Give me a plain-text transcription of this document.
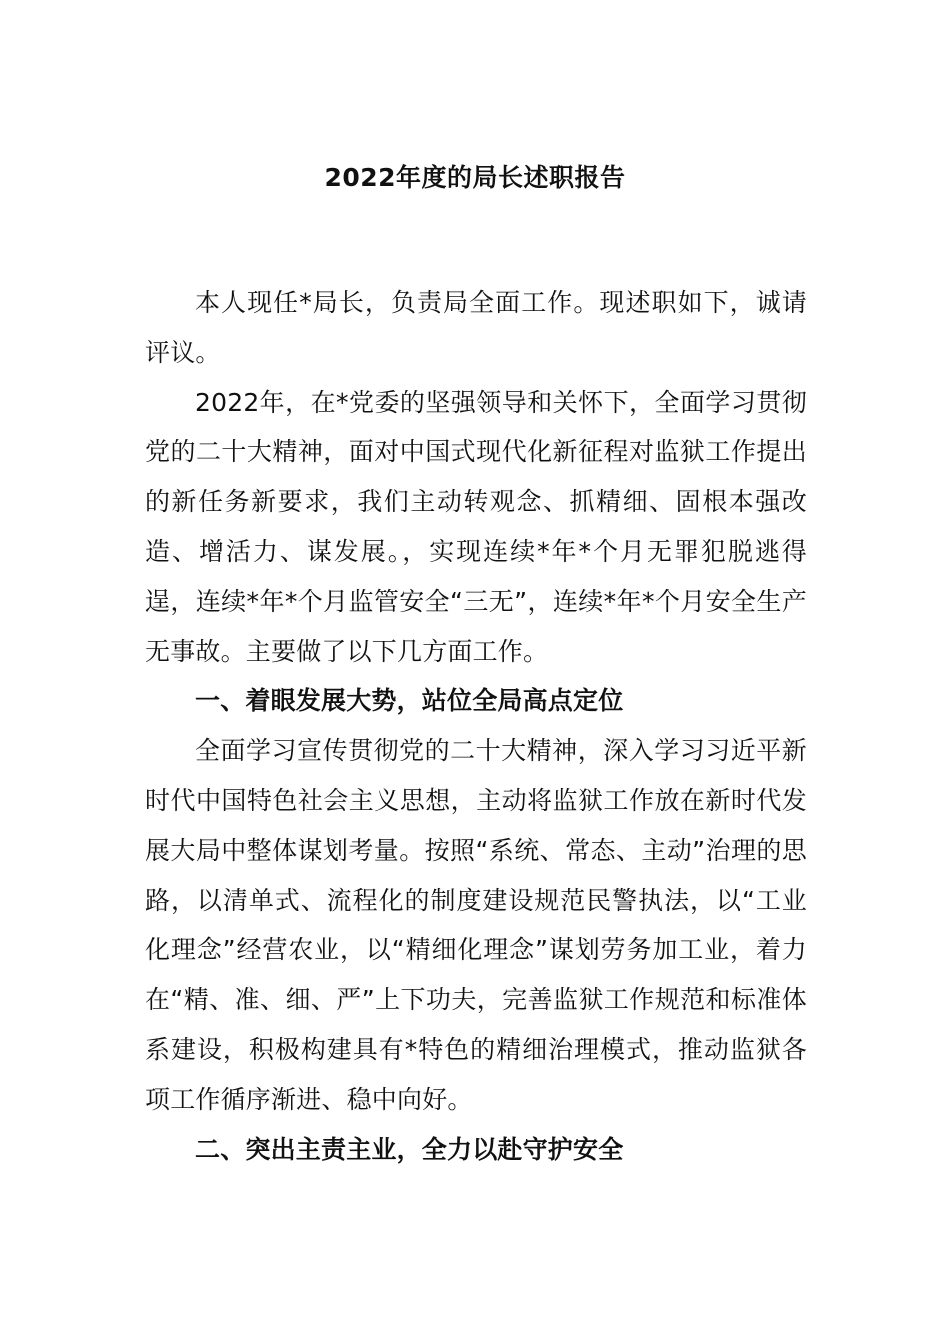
2022年度的局长述职报告

本人现任*局长，负责局全面工作。现述职如下，诚请评议。

2022年，在*党委的坚强领导和关怀下，全面学习贯彻党的二十大精神，面对中国式现代化新征程对监狱工作提出的新任务新要求，我们主动转观念、抓精细、固根本强改造、增活力、谋发展。，实现连续*年*个月无罪犯脱逃得逞，连续*年*个月监管安全“三无”，连续*年*个月安全生产无事故。主要做了以下几方面工作。

一、着眼发展大势，站位全局高点定位

全面学习宣传贯彻党的二十大精神，深入学习习近平新时代中国特色社会主义思想，主动将监狱工作放在新时代发展大局中整体谋划考量。按照“系统、常态、主动”治理的思路，以清单式、流程化的制度建设规范民警执法，以“工业化理念”经营农业，以“精细化理念”谋划劳务加工业，着力在“精、准、细、严”上下功夫，完善监狱工作规范和标准体系建设，积极构建具有*特色的精细治理模式，推动监狱各项工作循序渐进、稳中向好。

二、突出主责主业，全力以赴守护安全
